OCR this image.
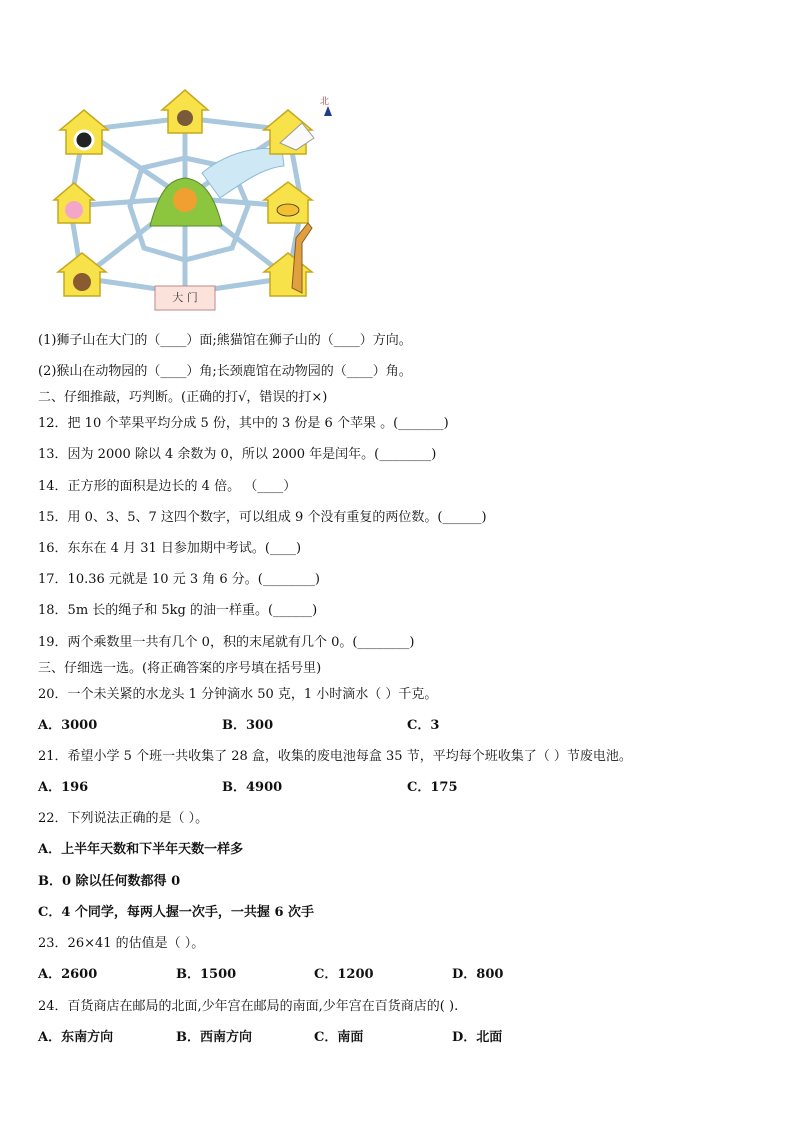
大 门
北
(1)狮子山在大门的（____）面;熊猫馆在狮子山的（____）方向。
(2)猴山在动物园的（____）角;长颈鹿馆在动物园的（____）角。
二、仔细推敲，巧判断。(正确的打√，错误的打×)
12．把 10 个苹果平均分成 5 份，其中的 3 份是 6 个苹果 。(_______)
13．因为 2000 除以 4 余数为 0，所以 2000 年是闰年。(________)
14．正方形的面积是边长的 4 倍。 （____）
15．用 0、3、5、7 这四个数字，可以组成 9 个没有重复的两位数。(______)
16．东东在 4 月 31 日参加期中考试。(____)
17．10.36 元就是 10 元 3 角 6 分。(________)
18．5m 长的绳子和 5kg 的油一样重。(______)
19．两个乘数里一共有几个 0，积的末尾就有几个 0。(________)
三、仔细选一选。(将正确答案的序号填在括号里)
20．一个未关紧的水龙头 1 分钟滴水 50 克，1 小时滴水（ ）千克。
A．3000	B．300	C．3
21．希望小学 5 个班一共收集了 28 盒，收集的废电池每盒 35 节，平均每个班收集了（ ）节废电池。
A．196	B．4900	C．175
22．下列说法正确的是（ ）。
A．上半年天数和下半年天数一样多
B．0 除以任何数都得 0
C．4 个同学，每两人握一次手，一共握 6 次手
23．26×41 的估值是（ ）。
A．2600	B．1500	C．1200	D．800
24．百货商店在邮局的北面,少年宫在邮局的南面,少年宫在百货商店的( ).
A．东南方向	B．西南方向	C．南面	D．北面
